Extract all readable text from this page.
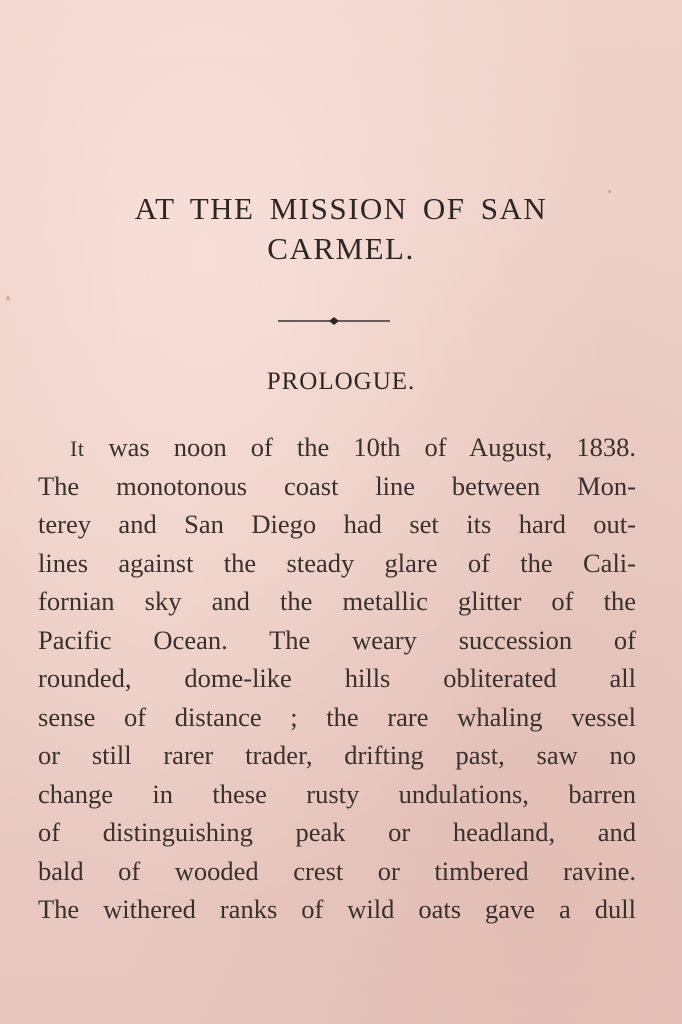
AT THE MISSION OF SAN
CARMEL.
PROLOGUE.
It was noon of the 10th of August, 1838.
The monotonous coast line between Mon-
terey and San Diego had set its hard out-
lines against the steady glare of the Cali-
fornian sky and the metallic glitter of the
Pacific Ocean. The weary succession of
rounded, dome-like hills obliterated all
sense of distance ; the rare whaling vessel
or still rarer trader, drifting past, saw no
change in these rusty undulations, barren
of distinguishing peak or headland, and
bald of wooded crest or timbered ravine.
The withered ranks of wild oats gave a dull
